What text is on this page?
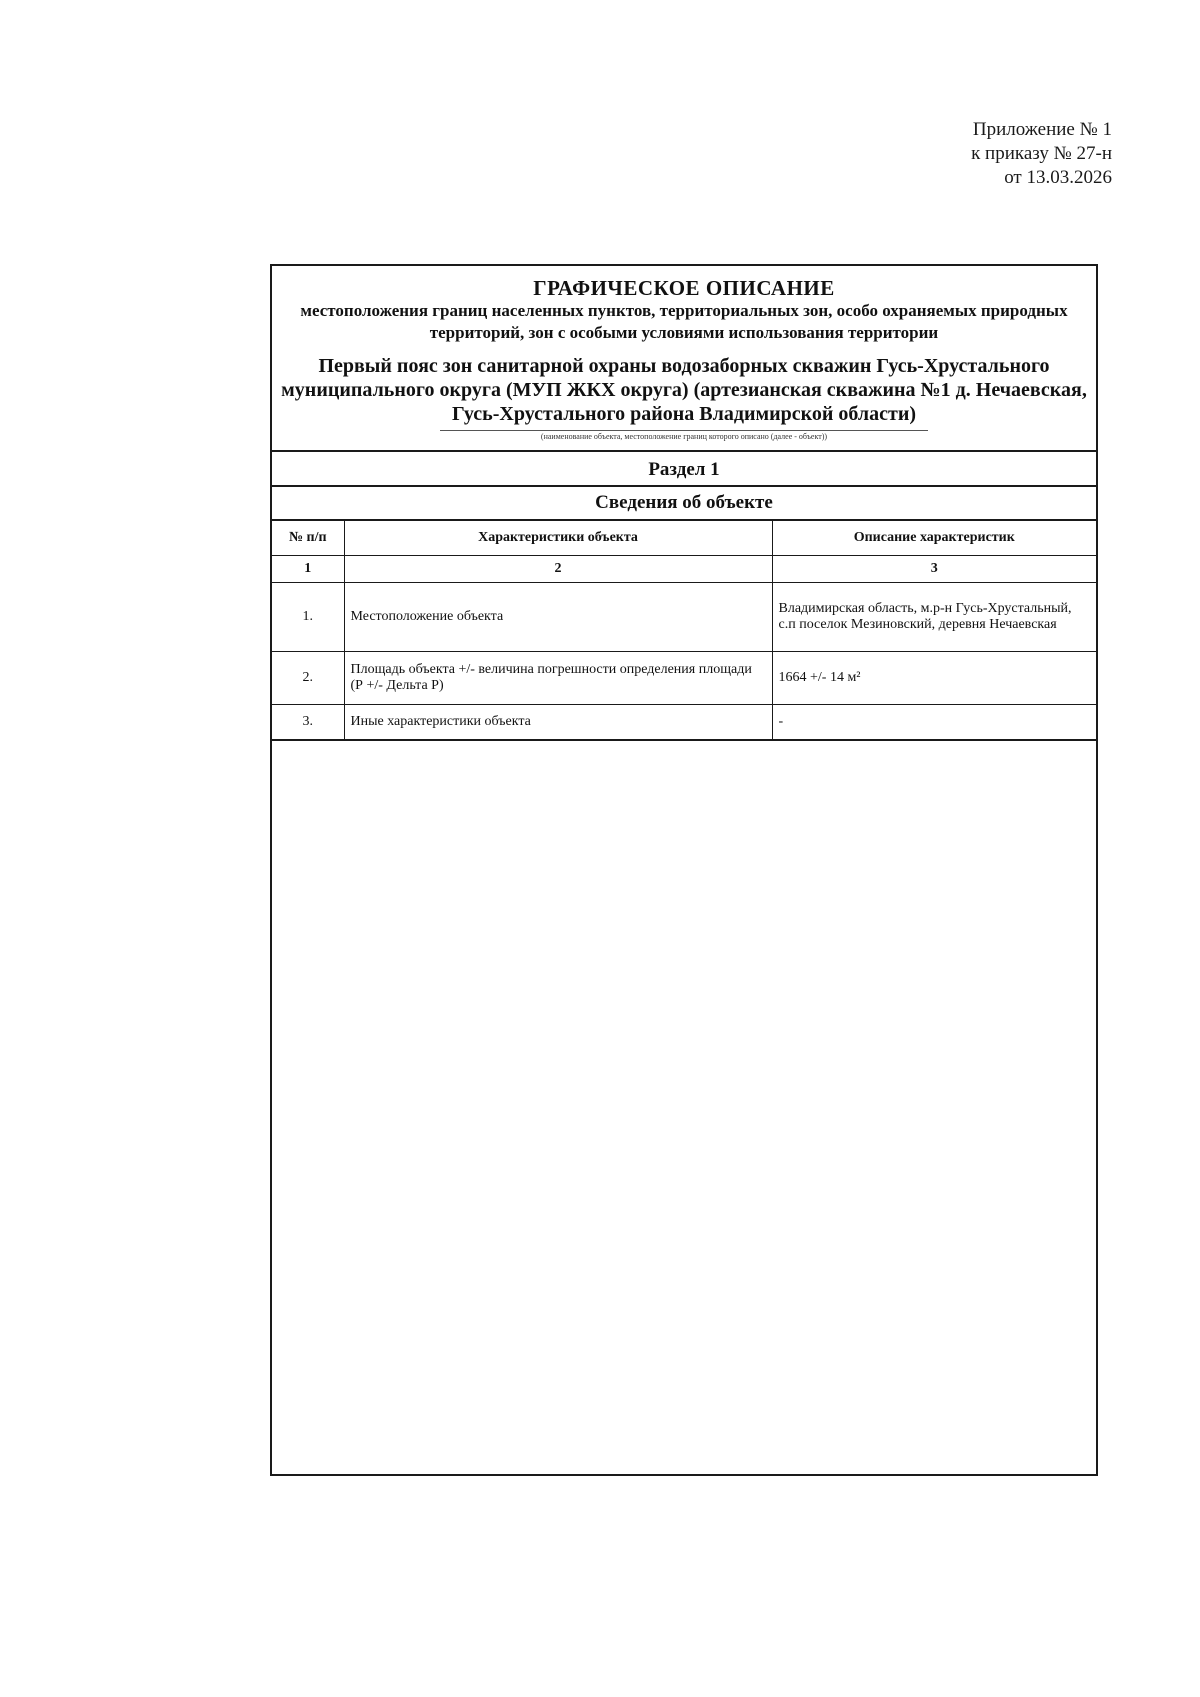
Приложение № 1
к приказу № 27-н
от 13.03.2026
ГРАФИЧЕСКОЕ ОПИСАНИЕ
местоположения границ населенных пунктов, территориальных зон, особо охраняемых природных территорий, зон с особыми условиями использования территории
Первый пояс зон санитарной охраны водозаборных скважин Гусь-Хрустального муниципального округа (МУП ЖКХ округа) (артезианская скважина №1 д. Нечаевская, Гусь-Хрустального района Владимирской области)
(наименование объекта, местоположение границ которого описано (далее - объект))
Раздел 1
Сведения об объекте
№ п/п	Характеристики объекта	Описание характеристик
1	2	3
1.	Местоположение объекта	Владимирская область, м.р-н Гусь-Хрустальный, с.п поселок Мезиновский, деревня Нечаевская
2.	Площадь объекта +/- величина погрешности определения площади (Р +/- Дельта Р)	1664 +/- 14 м²
3.	Иные характеристики объекта	-
